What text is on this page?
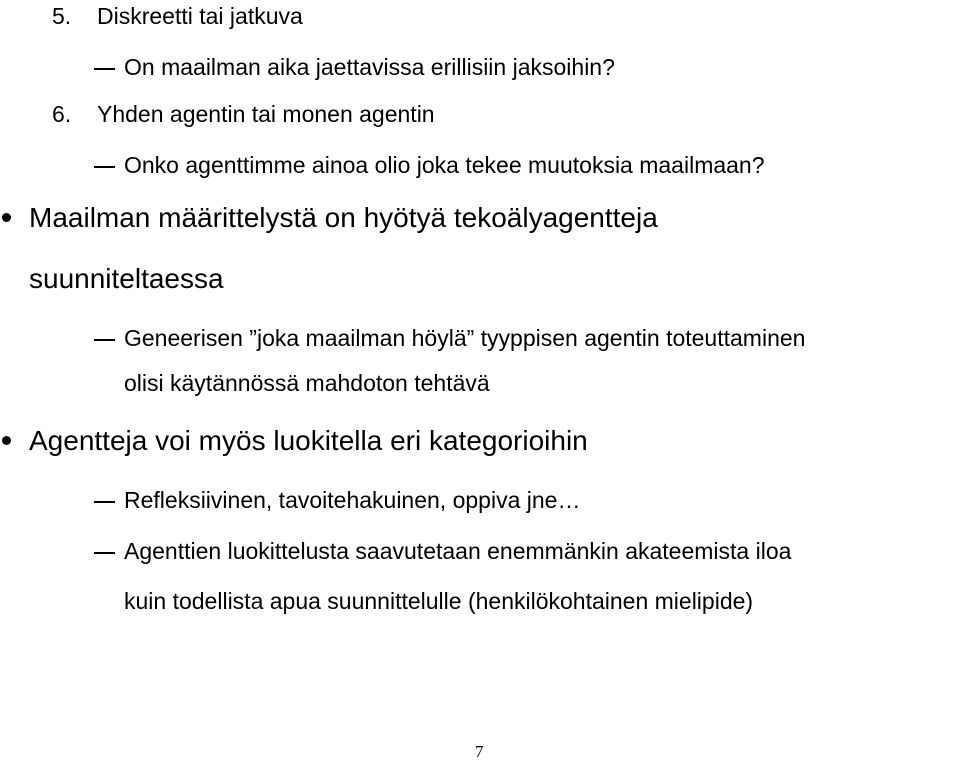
5. Diskreetti tai jatkuva
On maailman aika jaettavissa erillisiin jaksoihin?
6. Yhden agentin tai monen agentin
Onko agenttimme ainoa olio joka tekee muutoksia maailmaan?
Maailman määrittelystä on hyötyä tekoälyagentteja
suunniteltaessa
Geneerisen ”joka maailman höylä” tyyppisen agentin toteuttaminen
olisi käytännössä mahdoton tehtävä
Agentteja voi myös luokitella eri kategorioihin
Refleksiivinen, tavoitehakuinen, oppiva jne…
Agenttien luokittelusta saavutetaan enemmänkin akateemista iloa
kuin todellista apua suunnittelulle (henkilökohtainen mielipide)
7
